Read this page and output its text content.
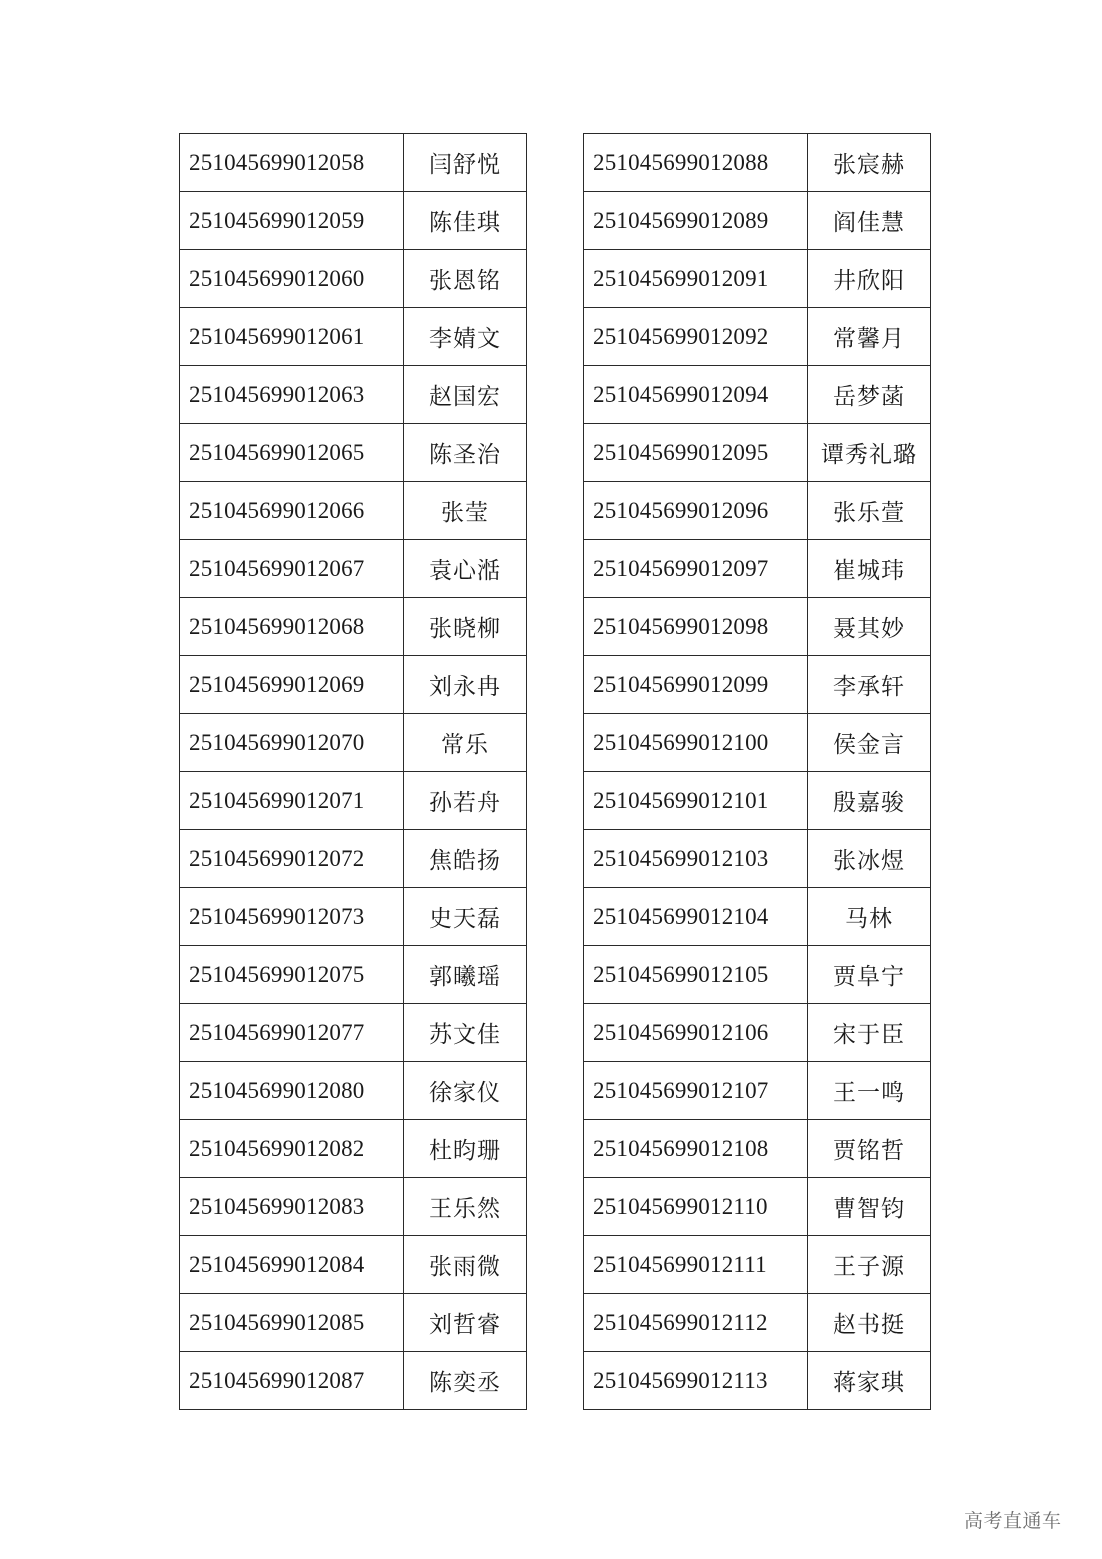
251045699012058	闫舒悦
251045699012059	陈佳琪
251045699012060	张恩铭
251045699012061	李婧文
251045699012063	赵国宏
251045699012065	陈圣治
251045699012066	张莹
251045699012067	袁心湉
251045699012068	张晓柳
251045699012069	刘永冉
251045699012070	常乐
251045699012071	孙若舟
251045699012072	焦皓扬
251045699012073	史天磊
251045699012075	郭曦瑶
251045699012077	苏文佳
251045699012080	徐家仪
251045699012082	杜昀珊
251045699012083	王乐然
251045699012084	张雨微
251045699012085	刘哲睿
251045699012087	陈奕丞
251045699012088	张宸赫
251045699012089	阎佳慧
251045699012091	井欣阳
251045699012092	常馨月
251045699012094	岳梦菡
251045699012095	谭秀礼璐
251045699012096	张乐萱
251045699012097	崔城玮
251045699012098	聂其妙
251045699012099	李承轩
251045699012100	侯金言
251045699012101	殷嘉骏
251045699012103	张冰煜
251045699012104	马林
251045699012105	贾阜宁
251045699012106	宋于臣
251045699012107	王一鸣
251045699012108	贾铭哲
251045699012110	曹智钧
251045699012111	王子源
251045699012112	赵书挺
251045699012113	蒋家琪
高考直通车
